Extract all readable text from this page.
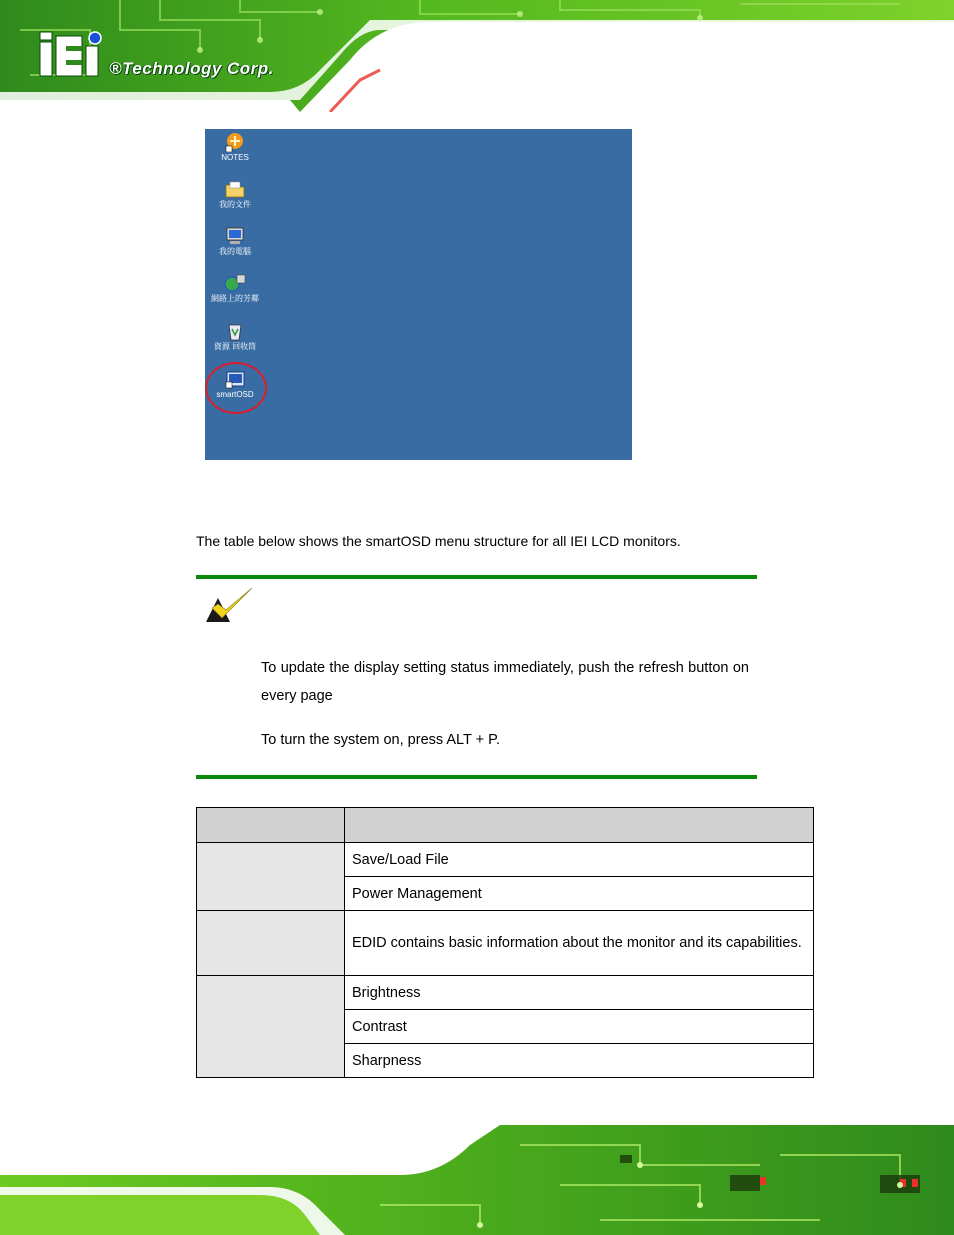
®Technology Corp.
NOTES
我的文件
我的電腦
網路上的芳鄰
資源 回收筒
smartOSD
The table below shows the smartOSD menu structure for all IEI LCD monitors.
To update the display setting status immediately, push the refresh button on every page
To turn the system on, press ALT + P.

	Save/Load File
	Power Management
	EDID contains basic information about the monitor and its capabilities.
	Brightness
	Contrast
	Sharpness
